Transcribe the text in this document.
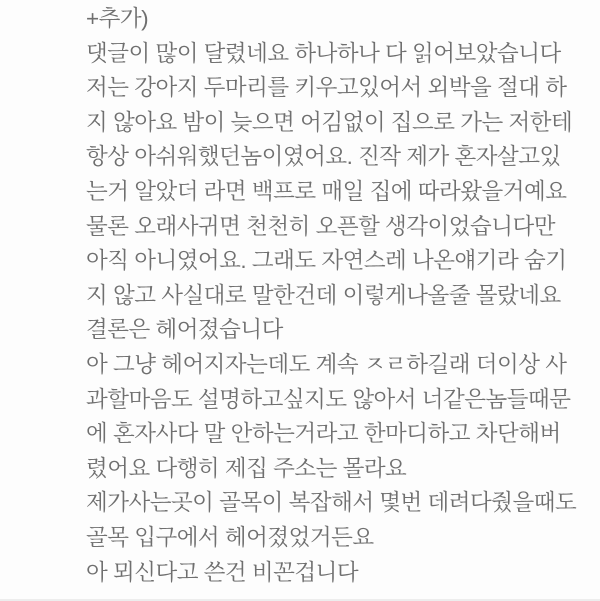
+추가)
댓글이 많이 달렸네요 하나하나 다 읽어보았습니다
저는 강아지 두마리를 키우고있어서 외박을 절대 하
지 않아요 밤이 늦으면 어김없이 집으로 가는 저한테
항상 아쉬워했던놈이였어요. 진작 제가 혼자살고있
는거 알았더 라면 백프로 매일 집에 따라왔을거예요
물론 오래사귀면 천천히 오픈할 생각이었습니다만
아직 아니였어요. 그래도 자연스레 나온얘기라 숨기
지 않고 사실대로 말한건데 이렇게나올줄 몰랐네요
결론은 헤어졌습니다
아 그냥 헤어지자는데도 계속 ㅈㄹ하길래 더이상 사
과할마음도 설명하고싶지도 않아서 너같은놈들때문
에 혼자사다 말 안하는거라고 한마디하고 차단해버
렸어요 다행히 제집 주소는 몰라요
제가사는곳이 골목이 복잡해서 몇번 데려다줬을때도
골목 입구에서 헤어졌었거든요
아 뫼신다고 쓴건 비꼰겁니다
